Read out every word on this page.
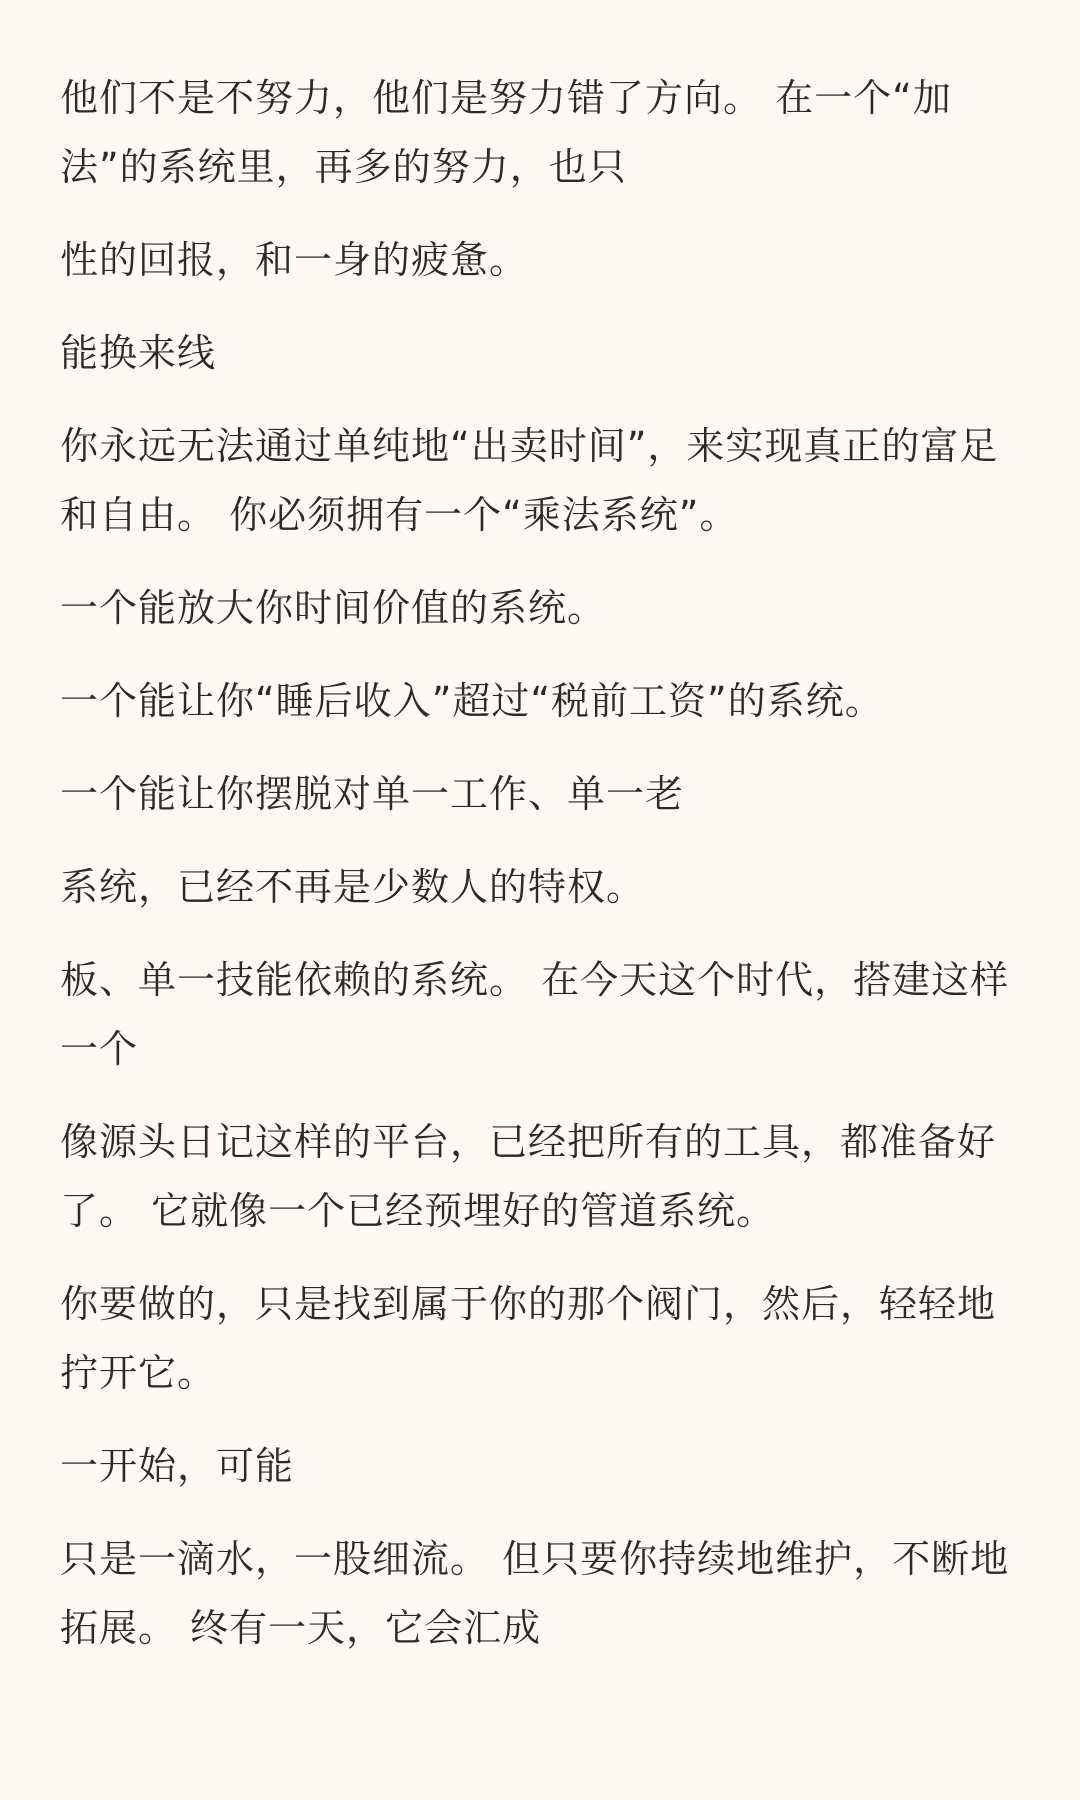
他们不是不努力，他们是努力错了方向。 在一个“加法”的系统里，再多的努力，也只

性的回报，和一身的疲惫。

能换来线

你永远无法通过单纯地“出卖时间”，来实现真正的富足和自由。 你必须拥有一个“乘法系统”。

一个能放大你时间价值的系统。

一个能让你“睡后收入”超过“税前工资”的系统。

一个能让你摆脱对单一工作、单一老

系统，已经不再是少数人的特权。

板、单一技能依赖的系统。 在今天这个时代，搭建这样一个

像源头日记这样的平台，已经把所有的工具，都准备好了。 它就像一个已经预埋好的管道系统。

你要做的，只是找到属于你的那个阀门，然后，轻轻地拧开它。

一开始，可能

只是一滴水，一股细流。 但只要你持续地维护，不断地拓展。 终有一天，它会汇成
